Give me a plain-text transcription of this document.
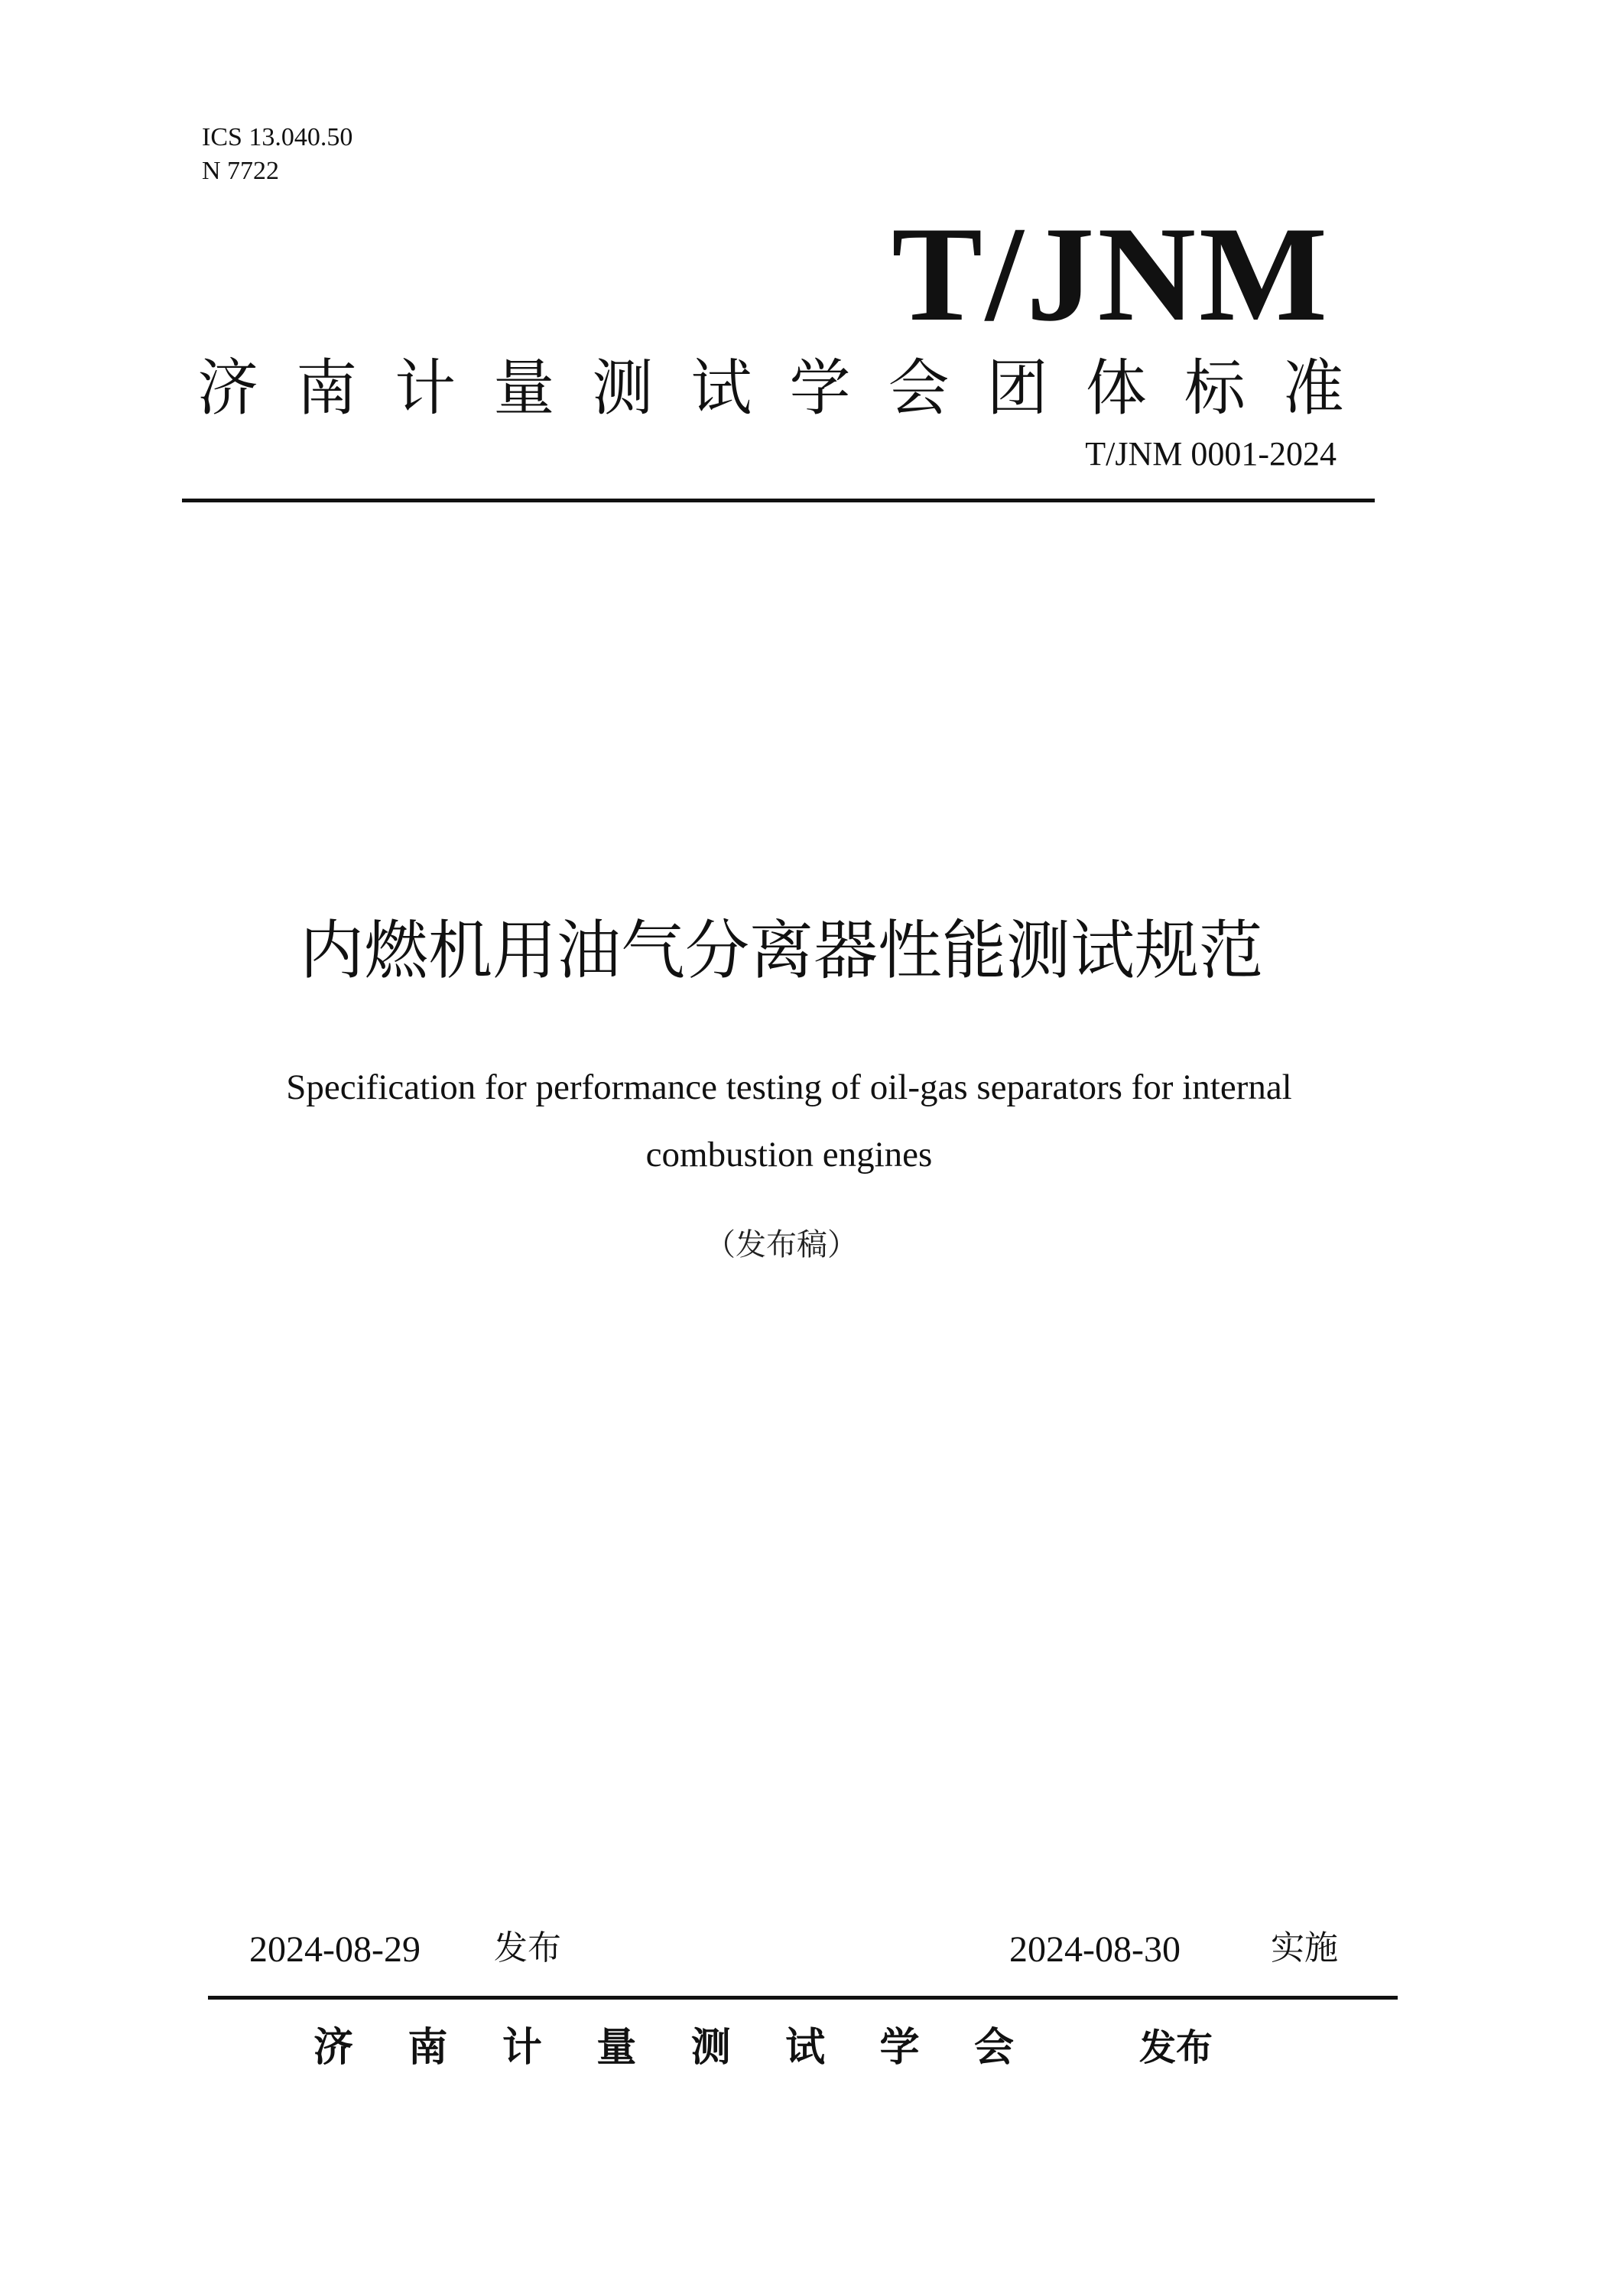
ICS 13.040.50
N 7722
T/JNM
济 南 计 量 测 试 学 会 团 体 标 准
T/JNM 0001-2024
内燃机用油气分离器性能测试规范
Specification for performance testing of oil-gas separators for internal combustion engines
（发布稿）
2024-08-29 发布	2024-08-30	实施
济 南 计 量 测 试 学 会	发布
